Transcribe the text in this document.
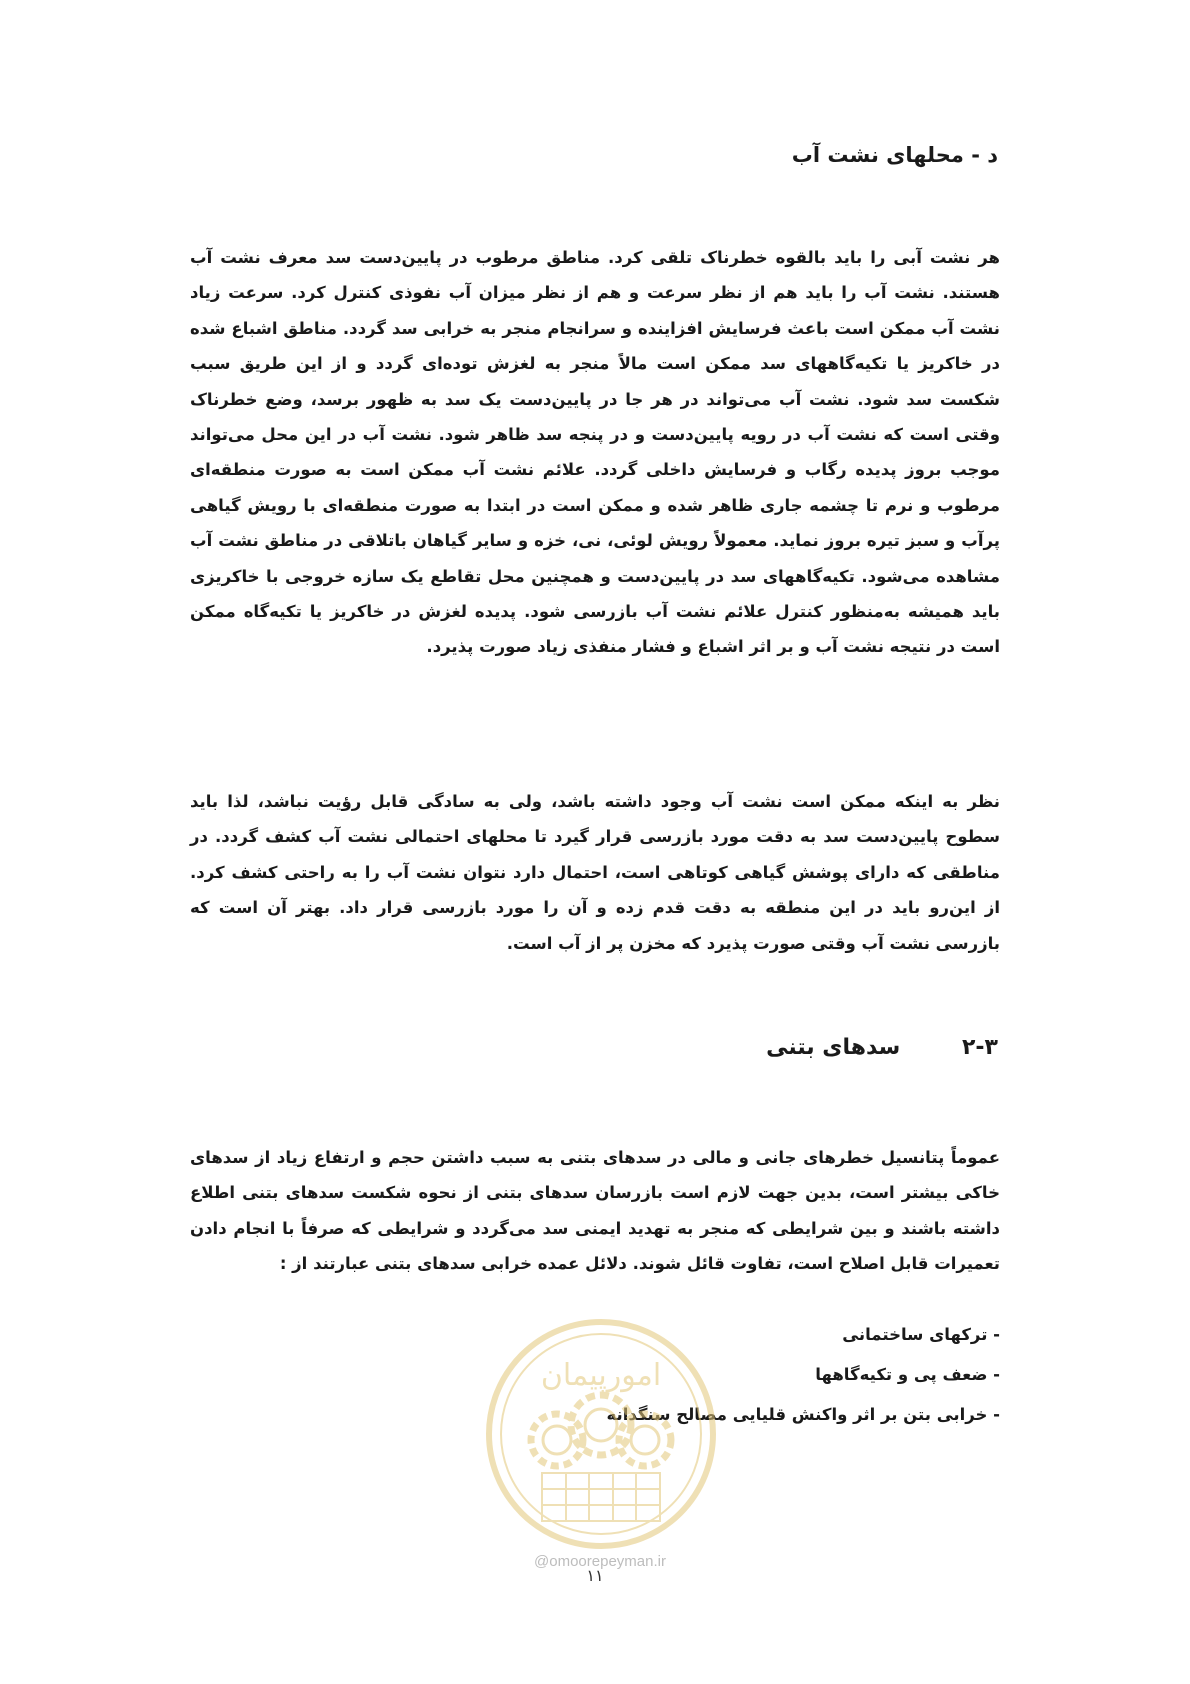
د - محلهای نشت آب

هر نشت آبی را باید بالقوه خطرناک تلقی کرد. مناطق مرطوب در پایین‌دست سد معرف نشت آب هستند. نشت آب را باید هم از نظر سرعت و هم از نظر میزان آب نفوذی کنترل کرد. سرعت زیاد نشت آب ممکن است باعث فرسایش افزاینده و سرانجام منجر به خرابی سد گردد. مناطق اشباع شده در خاکریز یا تکیه‌گاههای سد ممکن است مالاً منجر به لغزش توده‌ای گردد و از این طریق سبب شکست سد شود. نشت آب می‌تواند در هر جا در پایین‌دست یک سد به ظهور برسد، وضع خطرناک وقتی است که نشت آب در رویه پایین‌دست و در پنجه سد ظاهر شود. نشت آب در این محل می‌تواند موجب بروز پدیده رگاب و فرسایش داخلی گردد. علائم نشت آب ممکن است به صورت منطقه‌ای مرطوب و نرم تا چشمه جاری ظاهر شده و ممکن است در ابتدا به صورت منطقه‌ای با رویش گیاهی پرآب و سبز تیره بروز نماید. معمولاً رویش لوئی، نی، خزه و سایر گیاهان باتلاقی در مناطق نشت آب مشاهده می‌شود. تکیه‌گاههای سد در پایین‌دست و همچنین محل تقاطع یک سازه خروجی با خاکریزی باید همیشه به‌منظور کنترل علائم نشت آب بازرسی شود. پدیده لغزش در خاکریز یا تکیه‌گاه ممکن است در نتیجه نشت آب و بر اثر اشباع و فشار منفذی زیاد صورت پذیرد.

نظر به اینکه ممکن است نشت آب وجود داشته باشد، ولی به سادگی قابل رؤیت نباشد، لذا باید سطوح پایین‌دست سد به دقت مورد بازرسی قرار گیرد تا محلهای احتمالی نشت آب کشف گردد. در مناطقی که دارای پوشش گیاهی کوتاهی است، احتمال دارد نتوان نشت آب را به راحتی کشف کرد. از این‌رو باید در این منطقه به دقت قدم زده و آن را مورد بازرسی قرار داد. بهتر آن است که بازرسی نشت آب وقتی صورت پذیرد که مخزن پر از آب است.

۲-۳ سدهای بتنی

عموماً پتانسیل خطرهای جانی و مالی در سدهای بتنی به سبب داشتن حجم و ارتفاع زیاد از سدهای خاکی بیشتر است، بدین جهت لازم است بازرسان سدهای بتنی از نحوه شکست سدهای بتنی اطلاع داشته باشند و بین شرایطی که منجر به تهدید ایمنی سد می‌گردد و شرایطی که صرفاً با انجام دادن تعمیرات قابل اصلاح است، تفاوت قائل شوند. دلائل عمده خرابی سدهای بتنی عبارتند از :

- ترکهای ساختمانی
- ضعف پی و تکیه‌گاهها
- خرابی بتن بر اثر واکنش قلیایی مصالح سنگدانه
امورپیمان
@omoorepeyman.ir
۱۱
